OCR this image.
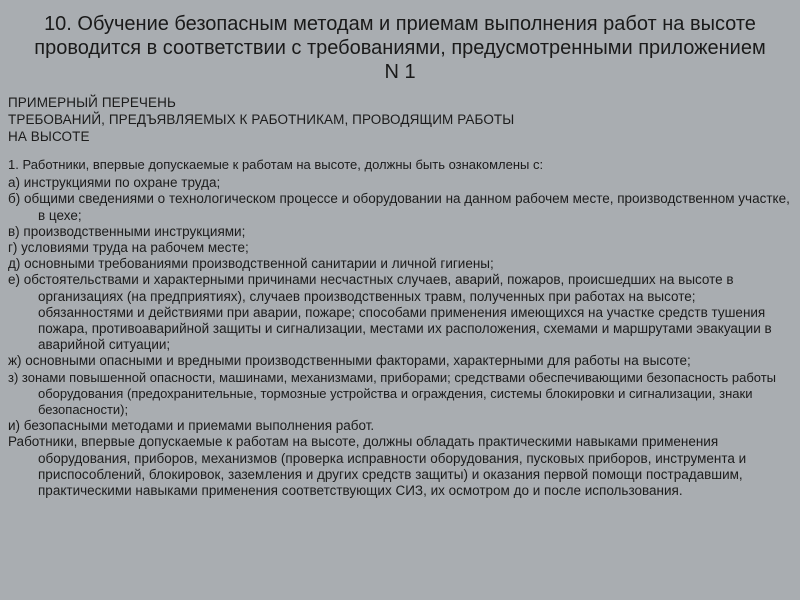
10. Обучение безопасным методам и приемам выполнения работ на высоте проводится в соответствии с требованиями, предусмотренными приложением N 1
ПРИМЕРНЫЙ ПЕРЕЧЕНЬ
ТРЕБОВАНИЙ, ПРЕДЪЯВЛЯЕМЫХ К РАБОТНИКАМ, ПРОВОДЯЩИМ РАБОТЫ
НА ВЫСОТЕ

1. Работники, впервые допускаемые к работам на высоте, должны быть ознакомлены с:

а) инструкциями по охране труда;

б) общими сведениями о технологическом процессе и оборудовании на данном рабочем месте, производственном участке, в цехе;

в) производственными инструкциями;

г) условиями труда на рабочем месте;

д) основными требованиями производственной санитарии и личной гигиены;

е) обстоятельствами и характерными причинами несчастных случаев, аварий, пожаров, происшедших на высоте в организациях (на предприятиях), случаев производственных травм, полученных при работах на высоте; обязанностями и действиями при аварии, пожаре; способами применения имеющихся на участке средств тушения пожара, противоаварийной защиты и сигнализации, местами их расположения, схемами и маршрутами эвакуации в аварийной ситуации;

ж) основными опасными и вредными производственными факторами, характерными для работы на высоте;

з) зонами повышенной опасности, машинами, механизмами, приборами; средствами обеспечивающими безопасность работы оборудования (предохранительные, тормозные устройства и ограждения, системы блокировки и сигнализации, знаки безопасности);

и) безопасными методами и приемами выполнения работ.

Работники, впервые допускаемые к работам на высоте, должны обладать практическими навыками применения оборудования, приборов, механизмов (проверка исправности оборудования, пусковых приборов, инструмента и приспособлений, блокировок, заземления и других средств защиты) и оказания первой помощи пострадавшим, практическими навыками применения соответствующих СИЗ, их осмотром до и после использования.
